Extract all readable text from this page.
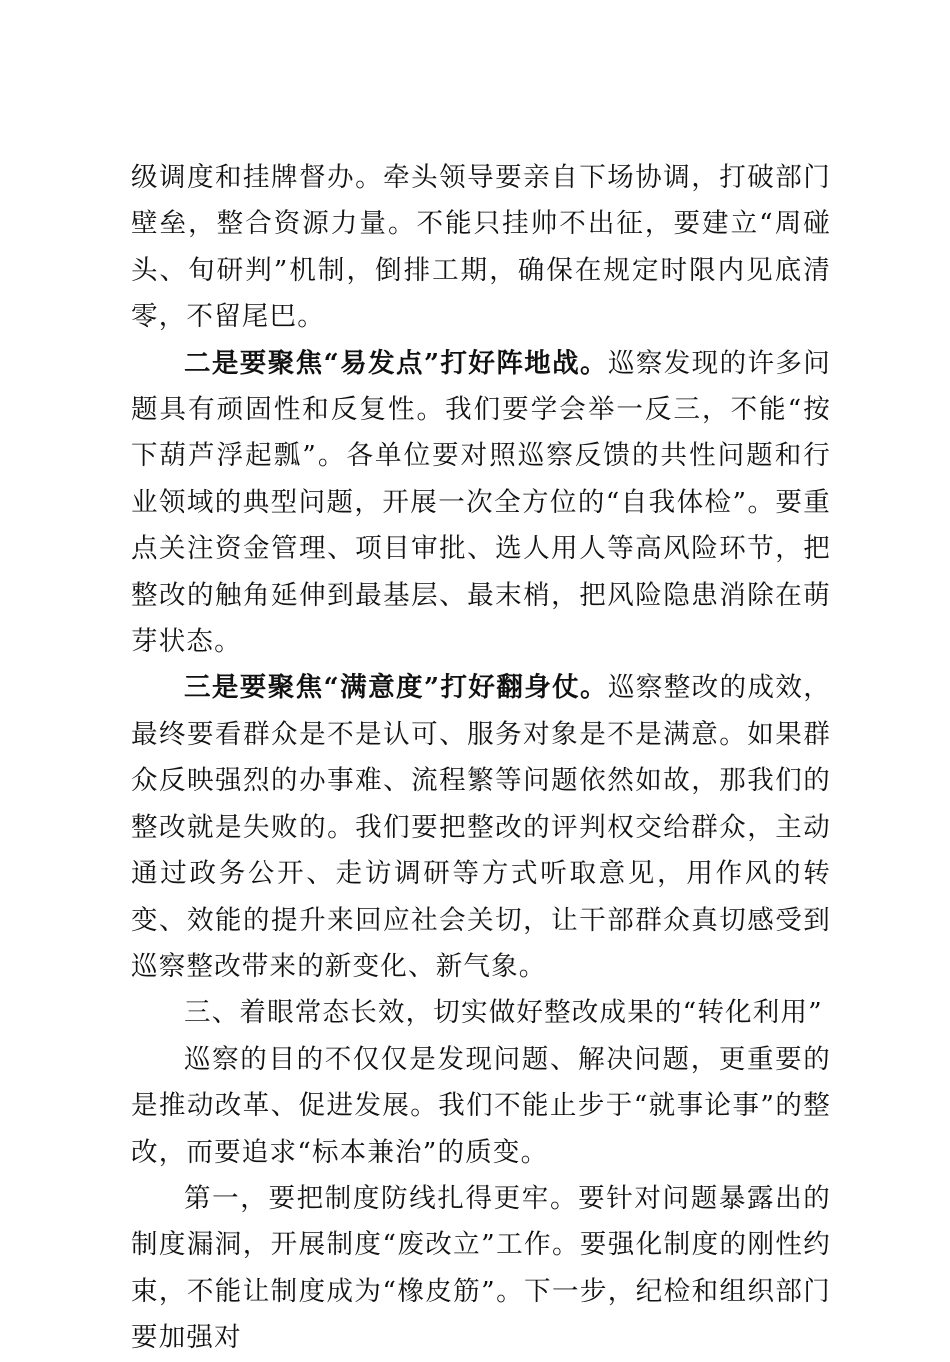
级调度和挂牌督办。牵头领导要亲自下场协调，打破部门壁垒，整合资源力量。不能只挂帅不出征，要建立“周碰头、旬研判”机制，倒排工期，确保在规定时限内见底清零，不留尾巴。

二是要聚焦“易发点”打好阵地战。巡察发现的许多问题具有顽固性和反复性。我们要学会举一反三，不能“按下葫芦浮起瓢”。各单位要对照巡察反馈的共性问题和行业领域的典型问题，开展一次全方位的“自我体检”。要重点关注资金管理、项目审批、选人用人等高风险环节，把整改的触角延伸到最基层、最末梢，把风险隐患消除在萌芽状态。

三是要聚焦“满意度”打好翻身仗。巡察整改的成效，最终要看群众是不是认可、服务对象是不是满意。如果群众反映强烈的办事难、流程繁等问题依然如故，那我们的整改就是失败的。我们要把整改的评判权交给群众，主动通过政务公开、走访调研等方式听取意见，用作风的转变、效能的提升来回应社会关切，让干部群众真切感受到巡察整改带来的新变化、新气象。

三、着眼常态长效，切实做好整改成果的“转化利用”

巡察的目的不仅仅是发现问题、解决问题，更重要的是推动改革、促进发展。我们不能止步于“就事论事”的整改，而要追求“标本兼治”的质变。

第一，要把制度防线扎得更牢。要针对问题暴露出的制度漏洞，开展制度“废改立”工作。要强化制度的刚性约束，不能让制度成为“橡皮筋”。下一步，纪检和组织部门要加强对
